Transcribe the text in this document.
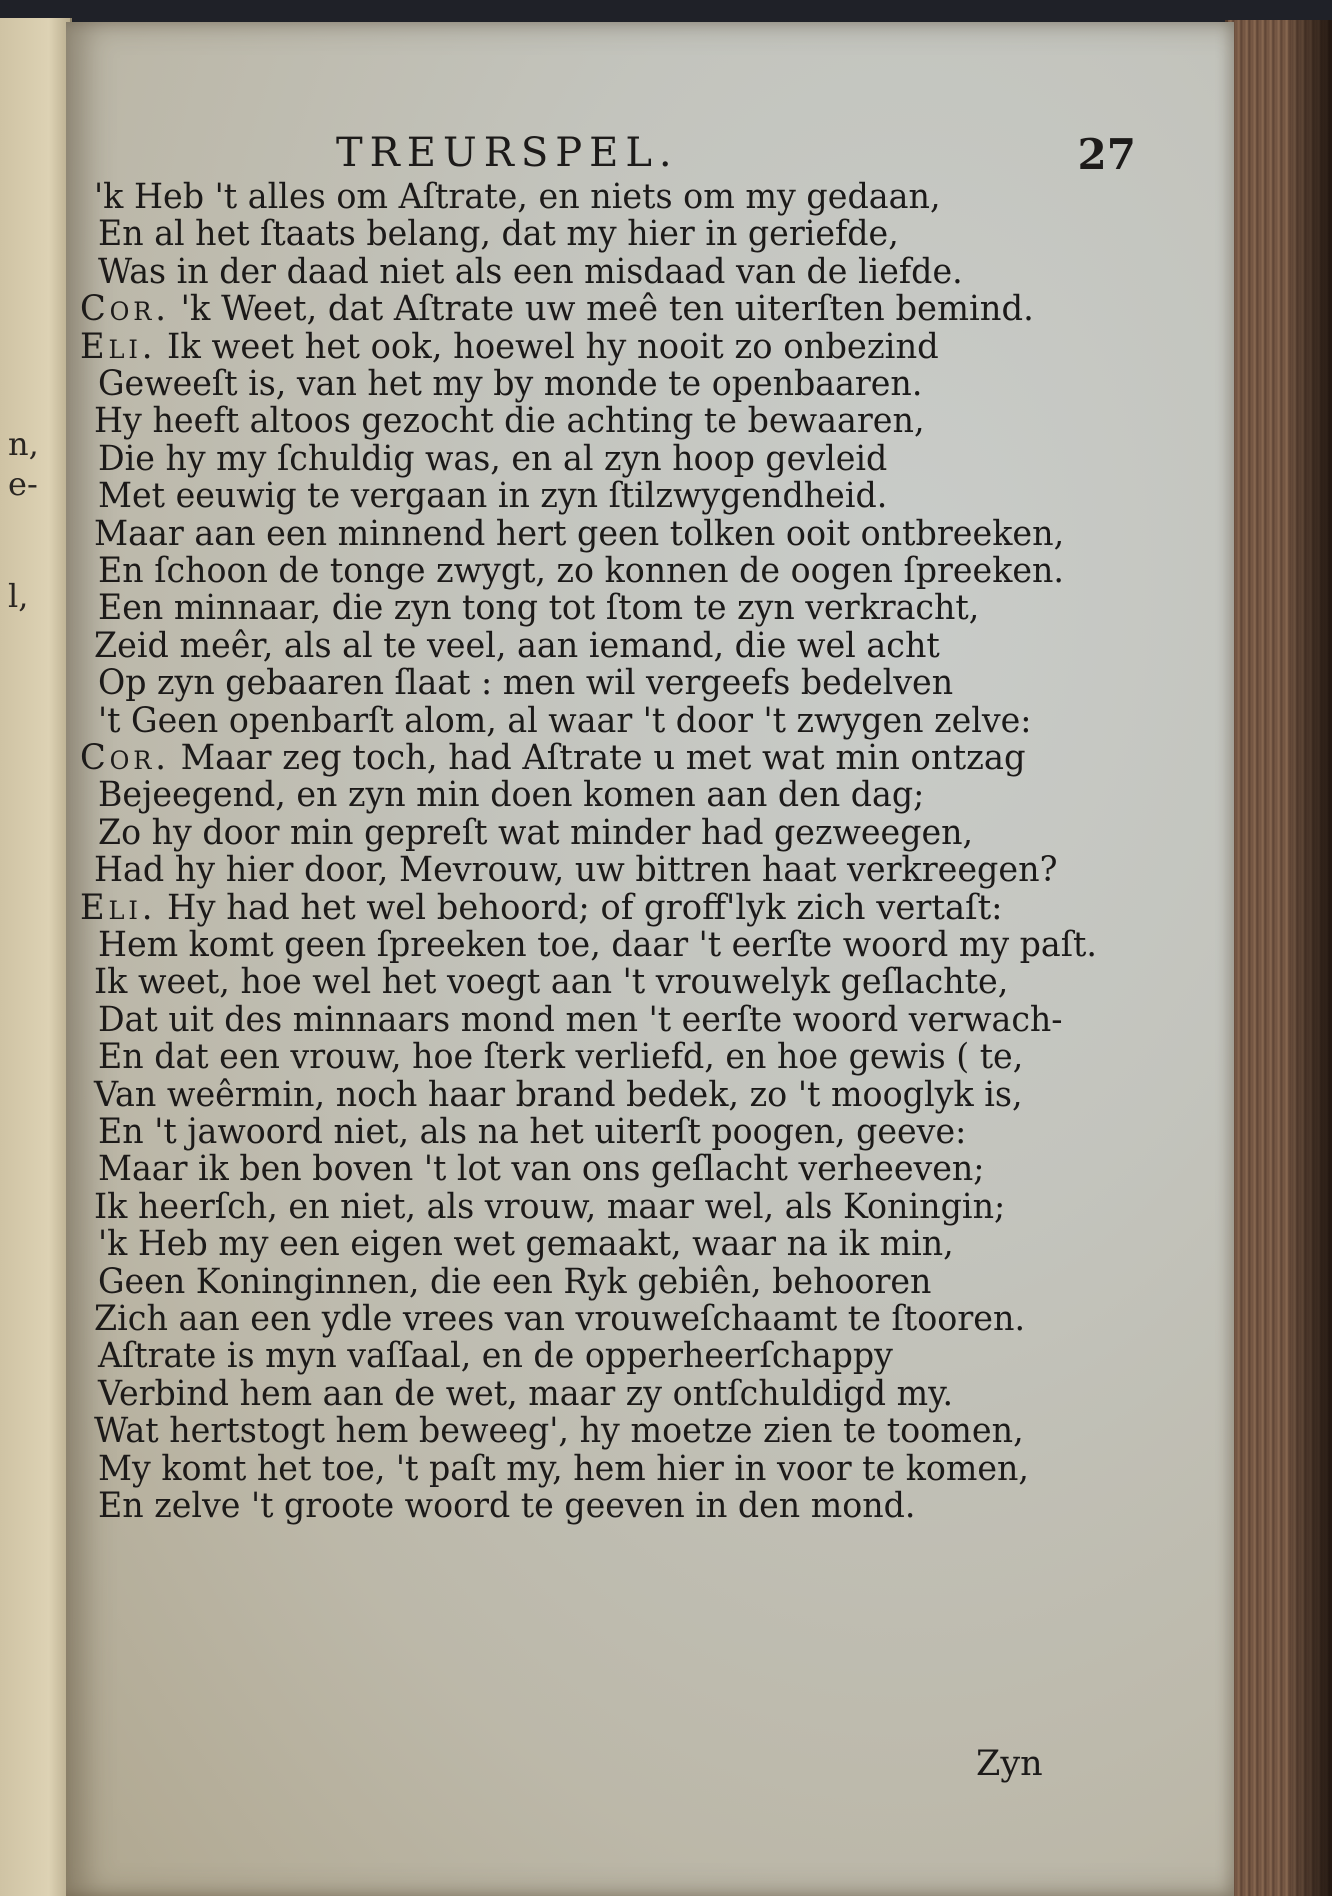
n,
e-
l,
TREURSPEL.	27
'k Heb 't alles om Aſtrate, en niets om my gedaan,
En al het ſtaats belang, dat my hier in geriefde,
Was in der daad niet als een misdaad van de liefde.
Cor. 'k Weet, dat Aſtrate uw meê ten uiterſten bemind.
Eli. Ik weet het ook, hoewel hy nooit zo onbezind
Geweeſt is, van het my by monde te openbaaren.
Hy heeft altoos gezocht die achting te bewaaren,
Die hy my ſchuldig was, en al zyn hoop gevleid
Met eeuwig te vergaan in zyn ſtilzwygendheid.
Maar aan een minnend hert geen tolken ooit ontbreeken,
En ſchoon de tonge zwygt, zo konnen de oogen ſpreeken.
Een minnaar, die zyn tong tot ſtom te zyn verkracht,
Zeid meêr, als al te veel, aan iemand, die wel acht
Op zyn gebaaren ſlaat : men wil vergeefs bedelven
't Geen openbarſt alom, al waar 't door 't zwygen zelve:
Cor. Maar zeg toch, had Aſtrate u met wat min ontzag
Bejeegend, en zyn min doen komen aan den dag;
Zo hy door min gepreſt wat minder had gezweegen,
Had hy hier door, Mevrouw, uw bittren haat verkreegen?
Eli. Hy had het wel behoord; of groff'lyk zich vertaſt:
Hem komt geen ſpreeken toe, daar 't eerſte woord my paſt.
Ik weet, hoe wel het voegt aan 't vrouwelyk geſlachte,
Dat uit des minnaars mond men 't eerſte woord verwach-
En dat een vrouw, hoe ſterk verliefd, en hoe gewis ( te,
Van weêrmin, noch haar brand bedek, zo 't mooglyk is,
En 't jawoord niet, als na het uiterſt poogen, geeve:
Maar ik ben boven 't lot van ons geſlacht verheeven;
Ik heerſch, en niet, als vrouw, maar wel, als Koningin;
'k Heb my een eigen wet gemaakt, waar na ik min,
Geen Koninginnen, die een Ryk gebiên, behooren
Zich aan een ydle vrees van vrouweſchaamt te ſtooren.
Aſtrate is myn vaſſaal, en de opperheerſchappy
Verbind hem aan de wet, maar zy ontſchuldigd my.
Wat hertstogt hem beweeg', hy moetze zien te toomen,
My komt het toe, 't paſt my, hem hier in voor te komen,
En zelve 't groote woord te geeven in den mond.
Zyn
